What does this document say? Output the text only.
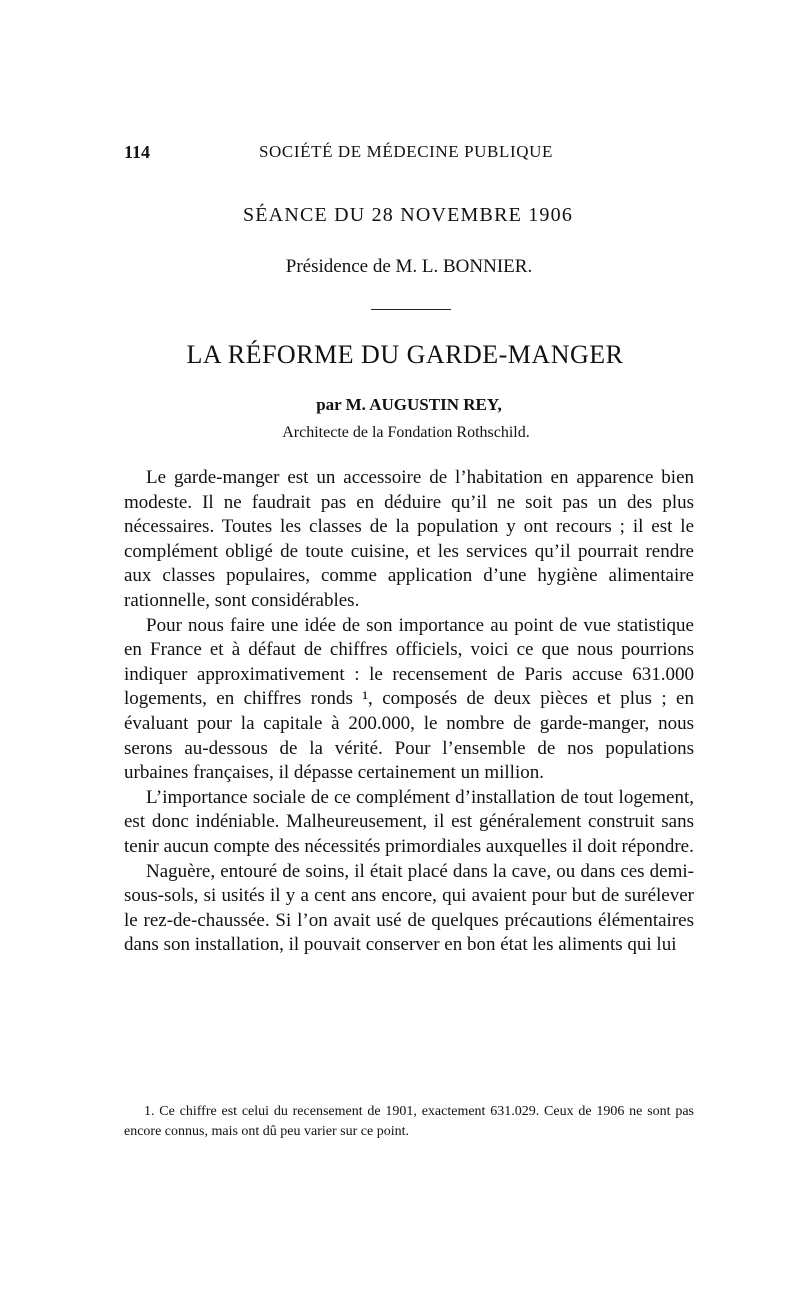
114	SOCIÉTÉ DE MÉDECINE PUBLIQUE
SÉANCE DU 28 NOVEMBRE 1906
Présidence de M. L. BONNIER.
LA RÉFORME DU GARDE-MANGER
par M. AUGUSTIN REY,
Architecte de la Fondation Rothschild.

Le garde-manger est un accessoire de l’habitation en apparence bien modeste. Il ne faudrait pas en déduire qu’il ne soit pas un des plus nécessaires. Toutes les classes de la population y ont recours ; il est le complément obligé de toute cuisine, et les services qu’il pourrait rendre aux classes populaires, comme application d’une hygiène alimentaire rationnelle, sont considérables.

Pour nous faire une idée de son importance au point de vue statistique en France et à défaut de chiffres officiels, voici ce que nous pourrions indiquer approximativement : le recensement de Paris accuse 631.000 logements, en chiffres ronds ¹, composés de deux pièces et plus ; en évaluant pour la capitale à 200.000, le nombre de garde-manger, nous serons au-dessous de la vérité. Pour l’ensemble de nos populations urbaines françaises, il dépasse certainement un million.

L’importance sociale de ce complément d’installation de tout logement, est donc indéniable. Malheureusement, il est généralement construit sans tenir aucun compte des nécessités primordiales auxquelles il doit répondre.

Naguère, entouré de soins, il était placé dans la cave, ou dans ces demi-sous-sols, si usités il y a cent ans encore, qui avaient pour but de surélever le rez-de-chaussée. Si l’on avait usé de quelques précautions élémentaires dans son installation, il pouvait conserver en bon état les aliments qui lui

1. Ce chiffre est celui du recensement de 1901, exactement 631.029. Ceux de 1906 ne sont pas encore connus, mais ont dû peu varier sur ce point.
